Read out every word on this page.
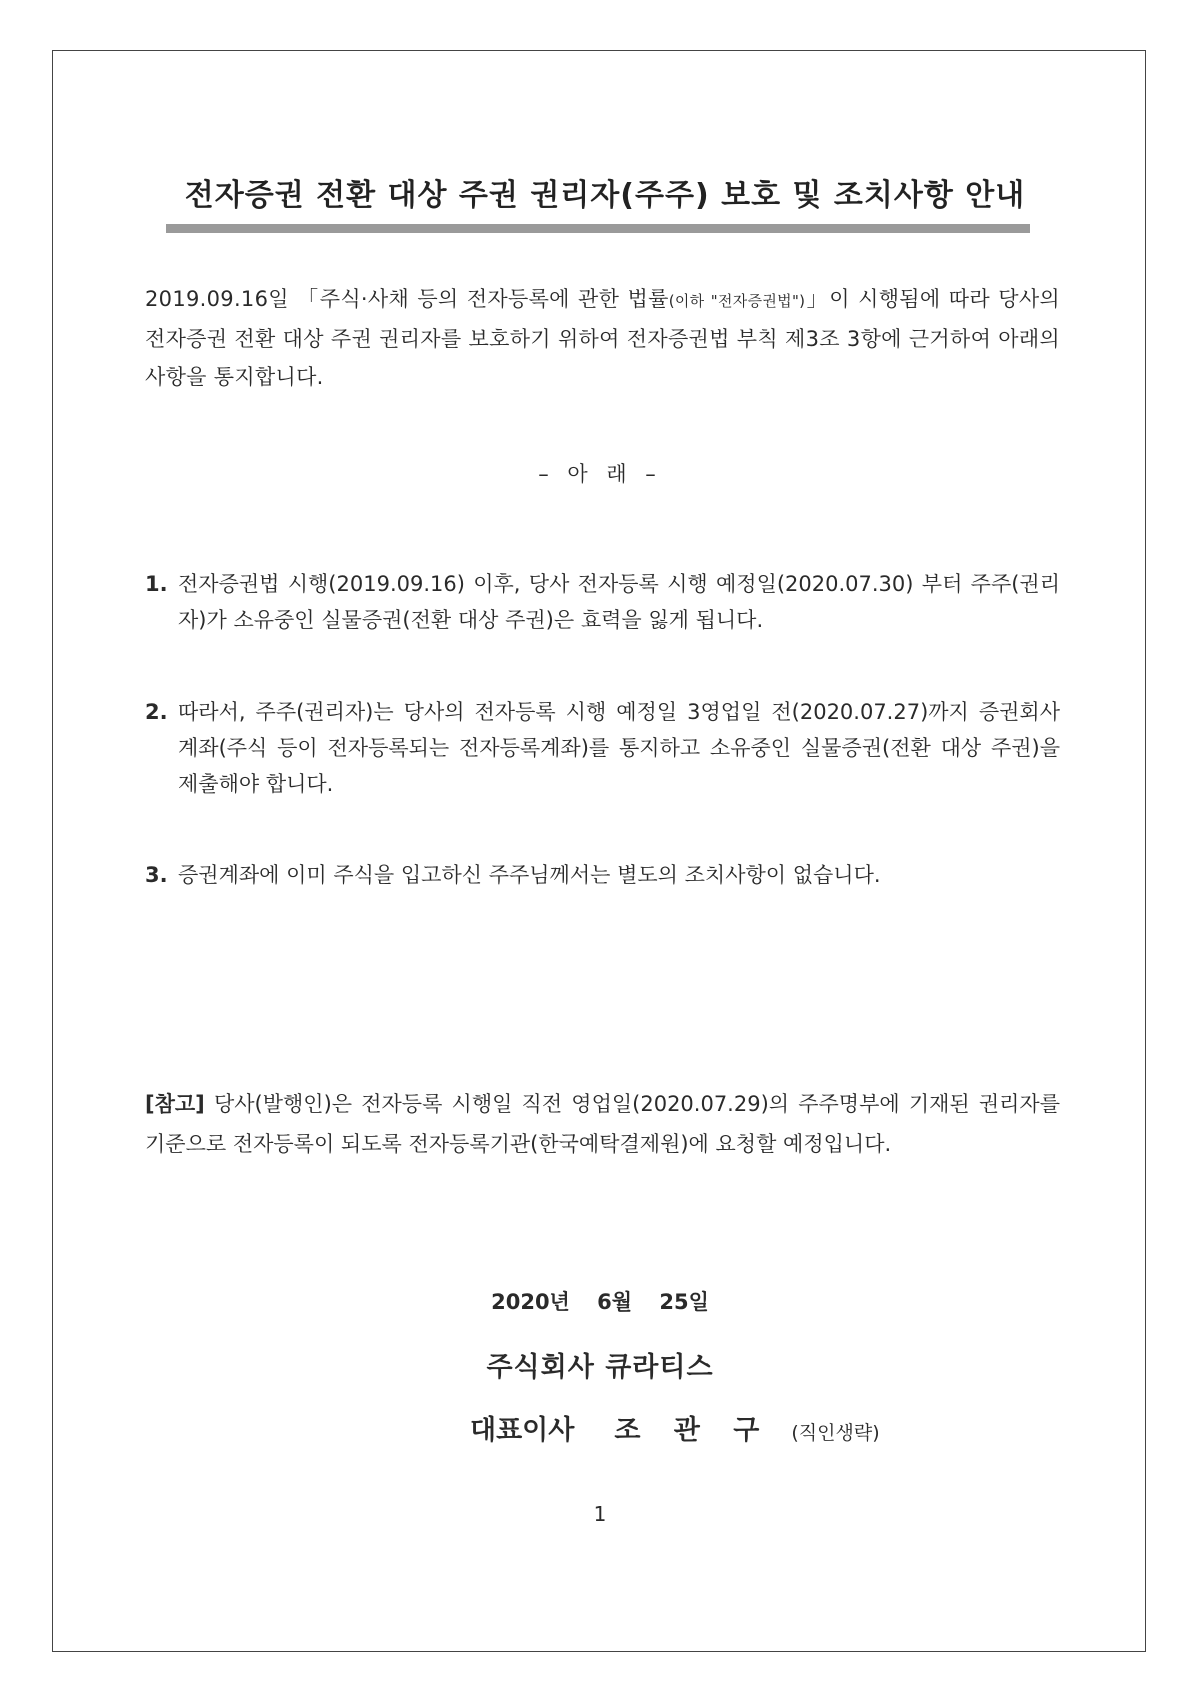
전자증권 전환 대상 주권 권리자(주주) 보호 및 조치사항 안내
2019.09.16일 「주식·사채 등의 전자등록에 관한 법률(이하 "전자증권법")」이 시행됨에 따라 당사의 전자증권 전환 대상 주권 권리자를 보호하기 위하여 전자증권법 부칙 제3조 3항에 근거하여 아래의 사항을 통지합니다.
– 아 래 –
1. 전자증권법 시행(2019.09.16) 이후, 당사 전자등록 시행 예정일(2020.07.30) 부터 주주(권리자)가 소유중인 실물증권(전환 대상 주권)은 효력을 잃게 됩니다.
2. 따라서, 주주(권리자)는 당사의 전자등록 시행 예정일 3영업일 전(2020.07.27)까지 증권회사 계좌(주식 등이 전자등록되는 전자등록계좌)를 통지하고 소유중인 실물증권(전환 대상 주권)을 제출해야 합니다.
3. 증권계좌에 이미 주식을 입고하신 주주님께서는 별도의 조치사항이 없습니다.
[참고] 당사(발행인)은 전자등록 시행일 직전 영업일(2020.07.29)의 주주명부에 기재된 권리자를 기준으로 전자등록이 되도록 전자등록기관(한국예탁결제원)에 요청할 예정입니다.
2020년 6월 25일
주식회사 큐라티스
대표이사 조 관 구 (직인생략)
1
